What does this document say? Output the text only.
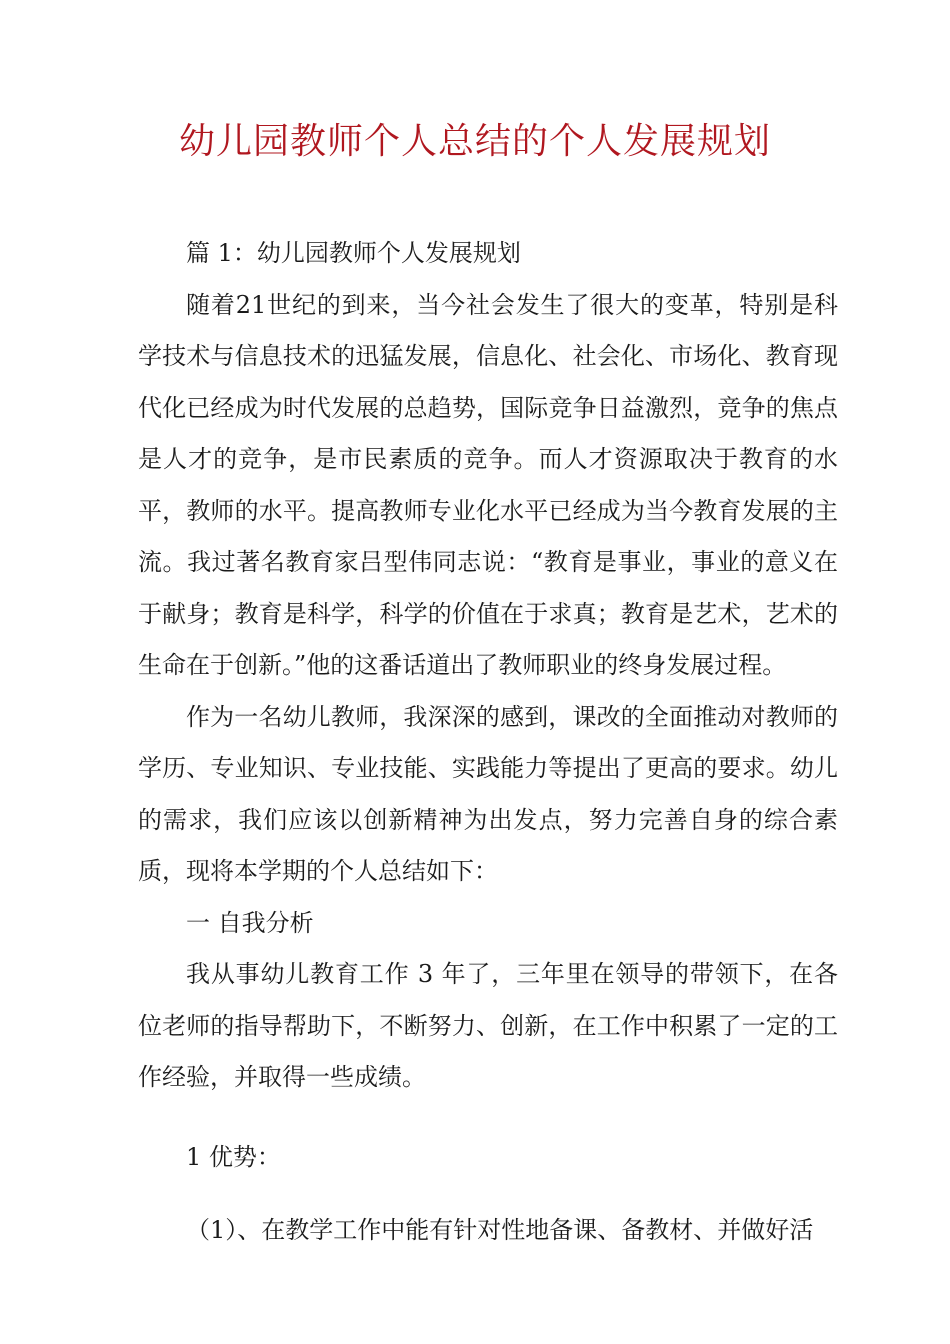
幼儿园教师个人总结的个人发展规划

篇 1：幼儿园教师个人发展规划

随着21世纪的到来，当今社会发生了很大的变革，特别是科学技术与信息技术的迅猛发展，信息化、社会化、市场化、教育现代化已经成为时代发展的总趋势，国际竞争日益激烈，竞争的焦点是人才的竞争，是市民素质的竞争。而人才资源取决于教育的水平，教师的水平。提高教师专业化水平已经成为当今教育发展的主流。我过著名教育家吕型伟同志说：“教育是事业，事业的意义在于献身；教育是科学，科学的价值在于求真；教育是艺术，艺术的生命在于创新。”他的这番话道出了教师职业的终身发展过程。

作为一名幼儿教师，我深深的感到，课改的全面推动对教师的学历、专业知识、专业技能、实践能力等提出了更高的要求。幼儿的需求，我们应该以创新精神为出发点，努力完善自身的综合素质，现将本学期的个人总结如下：

一 自我分析

我从事幼儿教育工作 3 年了，三年里在领导的带领下，在各位老师的指导帮助下，不断努力、创新，在工作中积累了一定的工作经验，并取得一些成绩。

1 优势：

（1）、在教学工作中能有针对性地备课、备教材、并做好活
